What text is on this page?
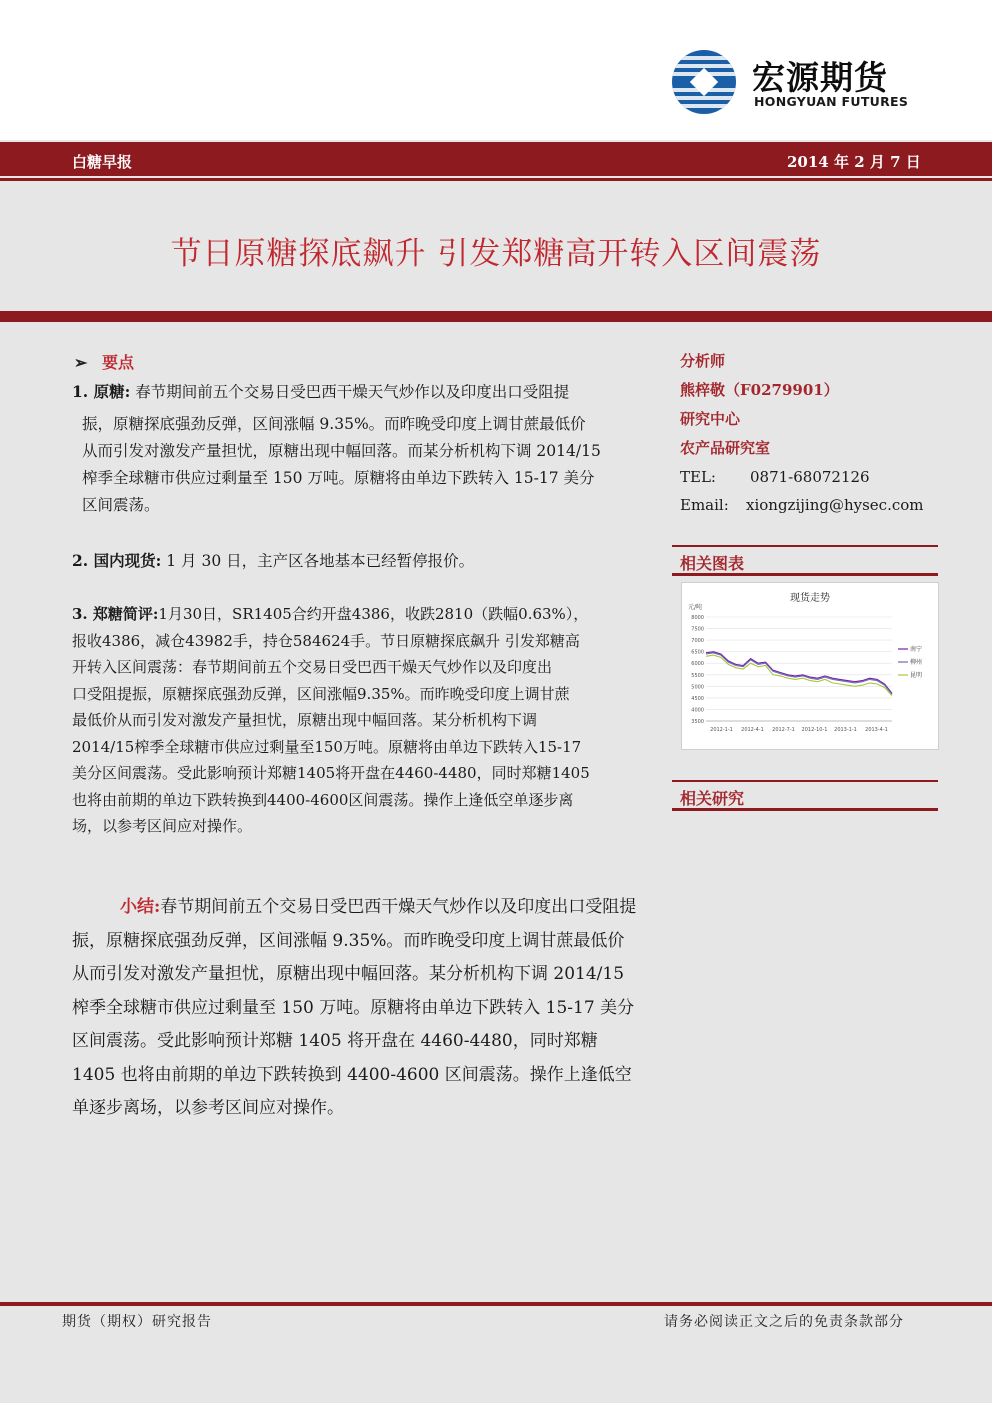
宏源期货
HONGYUAN FUTURES
白糖早报	2014 年 2 月 7 日
节日原糖探底飙升 引发郑糖高开转入区间震荡
➢ 要点
1. 原糖: 春节期间前五个交易日受巴西干燥天气炒作以及印度出口受阻提
振，原糖探底强劲反弹，区间涨幅 9.35%。而昨晚受印度上调甘蔗最低价
从而引发对激发产量担忧，原糖出现中幅回落。而某分析机构下调 2014/15
榨季全球糖市供应过剩量至 150 万吨。原糖将由单边下跌转入 15-17 美分
区间震荡。
2. 国内现货: 1 月 30 日，主产区各地基本已经暂停报价。
3. 郑糖简评:1月30日，SR1405合约开盘4386，收跌2810（跌幅0.63%），
报收4386，减仓43982手，持仓584624手。节日原糖探底飙升 引发郑糖高
开转入区间震荡：春节期间前五个交易日受巴西干燥天气炒作以及印度出
口受阻提振，原糖探底强劲反弹，区间涨幅9.35%。而昨晚受印度上调甘蔗
最低价从而引发对激发产量担忧，原糖出现中幅回落。某分析机构下调
2014/15榨季全球糖市供应过剩量至150万吨。原糖将由单边下跌转入15-17
美分区间震荡。受此影响预计郑糖1405将开盘在4460-4480，同时郑糖1405
也将由前期的单边下跌转换到4400-4600区间震荡。操作上逢低空单逐步离
场，以参考区间应对操作。
小结:春节期间前五个交易日受巴西干燥天气炒作以及印度出口受阻提振，原糖探底强劲反弹，区间涨幅 9.35%。而昨晚受印度上调甘蔗最低价从而引发对激发产量担忧，原糖出现中幅回落。某分析机构下调 2014/15 榨季全球糖市供应过剩量至 150 万吨。原糖将由单边下跌转入 15-17 美分区间震荡。受此影响预计郑糖 1405 将开盘在 4460-4480，同时郑糖 1405 也将由前期的单边下跌转换到 4400-4600 区间震荡。操作上逢低空单逐步离场，以参考区间应对操作。
分析师
熊梓敬（F0279901）
研究中心
农产品研究室
TEL: 0871-68072126
Email: xiongzijing@hysec.com
相关图表
现货走势
元/吨
8000
7500
7000
6500
6000
5500
5000
4500
4000
3500
2012-1-1 2012-4-1 2012-7-1 2012-10-1 2013-1-1 2013-4-1
南宁
柳州
昆明
相关研究
期货（期权）研究报告	请务必阅读正文之后的免责条款部分
